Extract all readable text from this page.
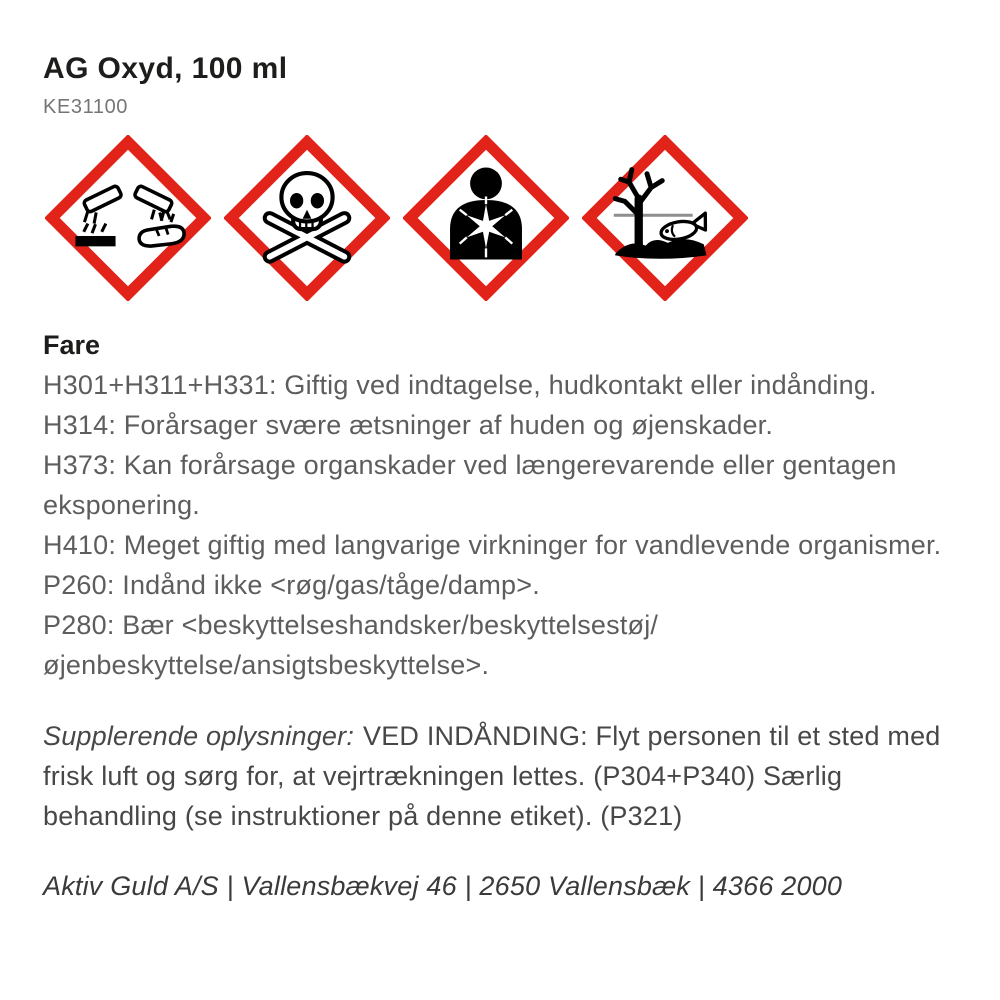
AG Oxyd, 100 ml
KE31100
Fare
H301+H311+H331: Giftig ved indtagelse, hudkontakt eller indånding.
H314: Forårsager svære ætsninger af huden og øjenskader.
H373: Kan forårsage organskader ved længerevarende eller gentagen
eksponering.
H410: Meget giftig med langvarige virkninger for vandlevende organismer.
P260: Indånd ikke <røg/gas/tåge/damp>.
P280: Bær <beskyttelseshandsker/beskyttelsestøj/
øjenbeskyttelse/ansigtsbeskyttelse>.
Supplerende oplysninger: VED INDÅNDING: Flyt personen til et sted med
frisk luft og sørg for, at vejrtrækningen lettes. (P304+P340) Særlig
behandling (se instruktioner på denne etiket). (P321)
Aktiv Guld A/S | Vallensbækvej 46 | 2650 Vallensbæk | 4366 2000
